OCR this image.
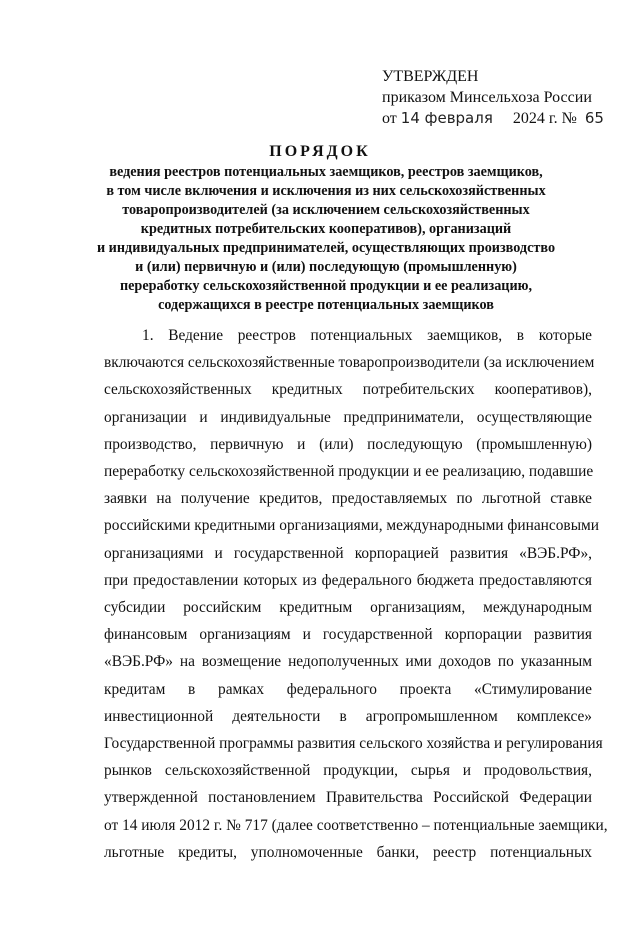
УТВЕРЖДЕН
приказом Минсельхоза России
от 14 февраля 2024 г. № 65
ПОРЯДОК
ведения реестров потенциальных заемщиков, реестров заемщиков,
в том числе включения и исключения из них сельскохозяйственных
товаропроизводителей (за исключением сельскохозяйственных
кредитных потребительских кооперативов), организаций
и индивидуальных предпринимателей, осуществляющих производство
и (или) первичную и (или) последующую (промышленную)
переработку сельскохозяйственной продукции и ее реализацию,
содержащихся в реестре потенциальных заемщиков
1. Ведение реестров потенциальных заемщиков, в которые
включаются сельскохозяйственные товаропроизводители (за исключением
сельскохозяйственных кредитных потребительских кооперативов),
организации и индивидуальные предприниматели, осуществляющие
производство, первичную и (или) последующую (промышленную)
переработку сельскохозяйственной продукции и ее реализацию, подавшие
заявки на получение кредитов, предоставляемых по льготной ставке
российскими кредитными организациями, международными финансовыми
организациями и государственной корпорацией развития «ВЭБ.РФ»,
при предоставлении которых из федерального бюджета предоставляются
субсидии российским кредитным организациям, международным
финансовым организациям и государственной корпорации развития
«ВЭБ.РФ» на возмещение недополученных ими доходов по указанным
кредитам в рамках федерального проекта «Стимулирование
инвестиционной деятельности в агропромышленном комплексе»
Государственной программы развития сельского хозяйства и регулирования
рынков сельскохозяйственной продукции, сырья и продовольствия,
утвержденной постановлением Правительства Российской Федерации
от 14 июля 2012 г. № 717 (далее соответственно – потенциальные заемщики,
льготные кредиты, уполномоченные банки, реестр потенциальных
